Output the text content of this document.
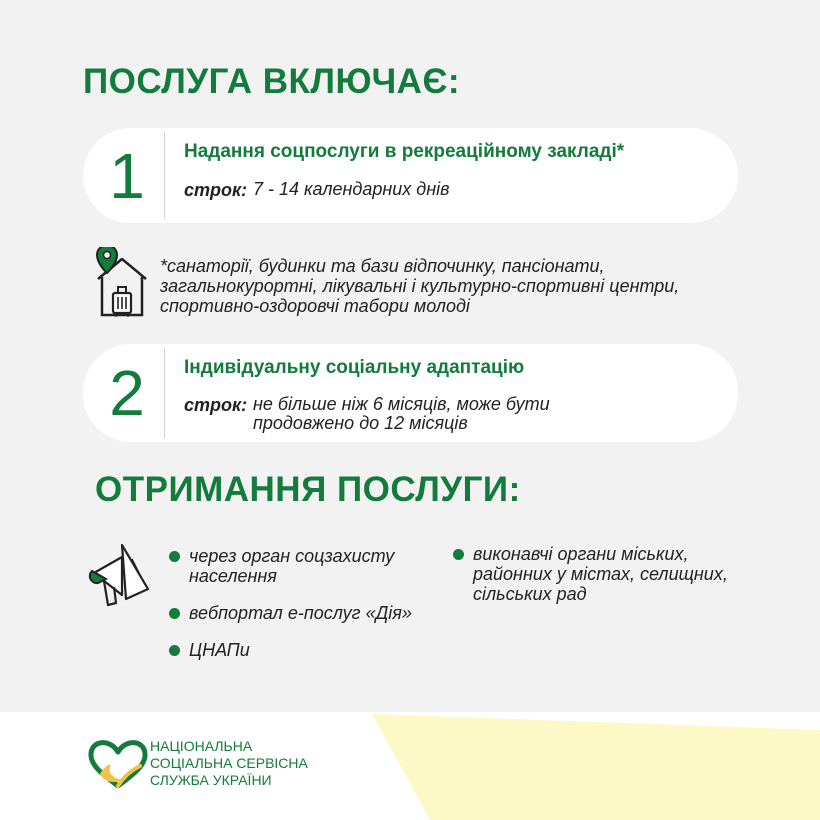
ПОСЛУГА ВКЛЮЧАЄ:
1	Надання соцпослуги в рекреаційному закладі*
строк: 7 - 14 календарних днів
*санаторії, будинки та бази відпочинку, пансіонати, загальнокурортні, лікувальні і культурно-спортивні центри, спортивно-оздоровчі табори молоді
2	Індивідуальну соціальну адаптацію
строк: не більше ніж 6 місяців, може бути продовжено до 12 місяців
ОТРИМАННЯ ПОСЛУГИ:
через орган соцзахисту населення
вебпортал е-послуг «Дія»
ЦНАПи
виконавчі органи міських, районних у містах, селищних, сільських рад
НАЦІОНАЛЬНА
СОЦІАЛЬНА СЕРВІСНА
СЛУЖБА УКРАЇНИ
